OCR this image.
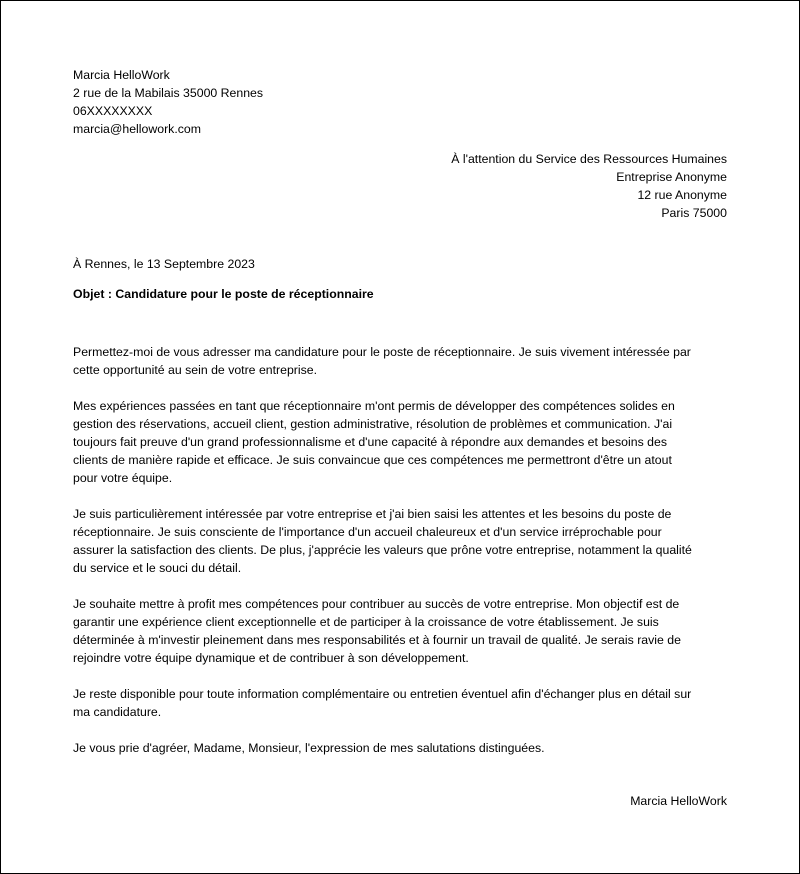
Marcia HelloWork
2 rue de la Mabilais 35000 Rennes
06XXXXXXXX
marcia@hellowork.com
À l'attention du Service des Ressources Humaines
Entreprise Anonyme
12 rue Anonyme
Paris 75000
À Rennes, le 13 Septembre 2023
Objet : Candidature pour le poste de réceptionnaire
Permettez-moi de vous adresser ma candidature pour le poste de réceptionnaire. Je suis vivement intéressée par
cette opportunité au sein de votre entreprise.
Mes expériences passées en tant que réceptionnaire m'ont permis de développer des compétences solides en
gestion des réservations, accueil client, gestion administrative, résolution de problèmes et communication. J'ai
toujours fait preuve d'un grand professionnalisme et d'une capacité à répondre aux demandes et besoins des
clients de manière rapide et efficace. Je suis convaincue que ces compétences me permettront d'être un atout
pour votre équipe.
Je suis particulièrement intéressée par votre entreprise et j'ai bien saisi les attentes et les besoins du poste de
réceptionnaire. Je suis consciente de l'importance d'un accueil chaleureux et d'un service irréprochable pour
assurer la satisfaction des clients. De plus, j'apprécie les valeurs que prône votre entreprise, notamment la qualité
du service et le souci du détail.
Je souhaite mettre à profit mes compétences pour contribuer au succès de votre entreprise. Mon objectif est de
garantir une expérience client exceptionnelle et de participer à la croissance de votre établissement. Je suis
déterminée à m'investir pleinement dans mes responsabilités et à fournir un travail de qualité. Je serais ravie de
rejoindre votre équipe dynamique et de contribuer à son développement.
Je reste disponible pour toute information complémentaire ou entretien éventuel afin d'échanger plus en détail sur
ma candidature.
Je vous prie d'agréer, Madame, Monsieur, l'expression de mes salutations distinguées.
Marcia HelloWork
